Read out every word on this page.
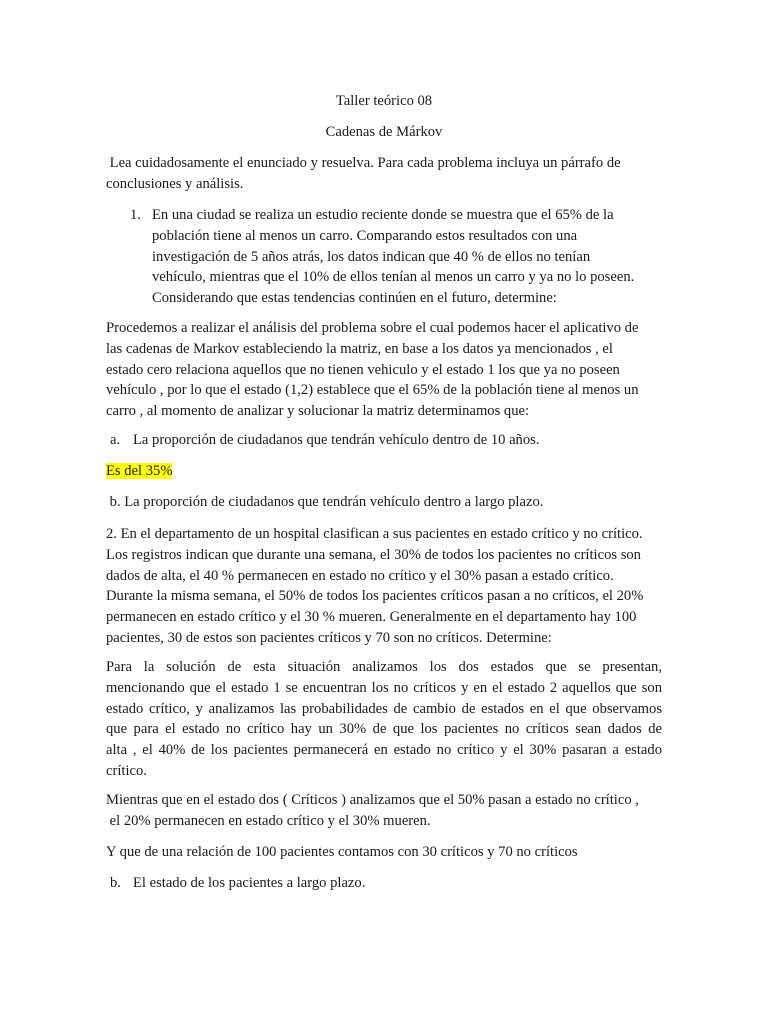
Taller teórico 08
Cadenas de Márkov
Lea cuidadosamente el enunciado y resuelva. Para cada problema incluya un párrafo de
conclusiones y análisis.
1. En una ciudad se realiza un estudio reciente donde se muestra que el 65% de la
población tiene al menos un carro. Comparando estos resultados con una
investigación de 5 años atrás, los datos indican que 40 % de ellos no tenían
vehículo, mientras que el 10% de ellos tenían al menos un carro y ya no lo poseen.
Considerando que estas tendencias continúen en el futuro, determine:
Procedemos a realizar el análisis del problema sobre el cual podemos hacer el aplicativo de
las cadenas de Markov estableciendo la matriz, en base a los datos ya mencionados , el
estado cero relaciona aquellos que no tienen vehiculo y el estado 1 los que ya no poseen
vehículo , por lo que el estado (1,2) establece que el 65% de la población tiene al menos un
carro , al momento de analizar y solucionar la matriz determinamos que:
a. La proporción de ciudadanos que tendrán vehículo dentro de 10 años.
Es del 35%
b. La proporción de ciudadanos que tendrán vehículo dentro a largo plazo.
2. En el departamento de un hospital clasifican a sus pacientes en estado crítico y no crítico.
Los registros indican que durante una semana, el 30% de todos los pacientes no críticos son
dados de alta, el 40 % permanecen en estado no crítico y el 30% pasan a estado crítico.
Durante la misma semana, el 50% de todos los pacientes críticos pasan a no críticos, el 20%
permanecen en estado crítico y el 30 % mueren. Generalmente en el departamento hay 100
pacientes, 30 de estos son pacientes críticos y 70 son no críticos. Determine:
Para la solución de esta situación analizamos los dos estados que se presentan,
mencionando que el estado 1 se encuentran los no críticos y en el estado 2 aquellos que son
estado crítico, y analizamos las probabilidades de cambio de estados en el que observamos
que para el estado no crítico hay un 30% de que los pacientes no críticos sean dados de
alta , el 40% de los pacientes permanecerá en estado no crítico y el 30% pasaran a estado
crítico.
Mientras que en el estado dos ( Críticos ) analizamos que el 50% pasan a estado no crítico ,
el 20% permanecen en estado crítico y el 30% mueren.
Y que de una relación de 100 pacientes contamos con 30 críticos y 70 no críticos
b. El estado de los pacientes a largo plazo.
